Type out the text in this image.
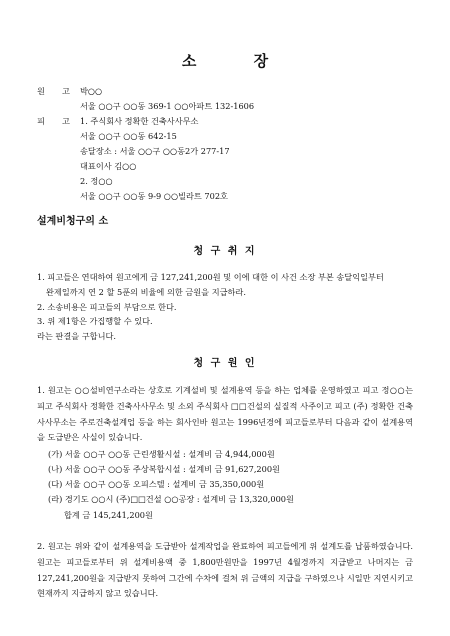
소 장
원 고 박○○
서울 ○○구 ○○동 369-1 ○○아파트 132-1606
피 고 1. 주식회사 정확한 건축사사무소
서울 ○○구 ○○동 642-15
송달장소 : 서울 ○○구 ○○동2가 277-17
대표이사 김○○
2. 정○○
서울 ○○구 ○○동 9-9 ○○빌라트 702호
설계비청구의 소
청 구 취 지
1. 피고들은 연대하여 원고에게 금 127,241,200원 및 이에 대한 이 사건 소장 부본 송달익일부터
완제일까지 연 2 할 5푼의 비율에 의한 금원을 지급하라.
2. 소송비용은 피고들의 부담으로 한다.
3. 위 제1항은 가집행할 수 있다.
라는 판결을 구합니다.
청 구 원 인
1. 원고는 ○○설비연구소라는 상호로 기계설비 및 설계용역 등을 하는 업체를 운영하였고 피고 정○○는 피고 주식회사 정확한 건축사사무소 및 소외 주식회사 □□건설의 실질적 사주이고 피고 (주) 정확한 건축사사무소는 주로건축설계업 등을 하는 회사인바 원고는 1996년경에 피고들로부터 다음과 같이 설계용역을 도급받은 사실이 있습니다.
(가) 서울 ○○구 ○○동 근린생활시설 : 설계비 금 4,944,000원
(나) 서울 ○○구 ○○동 주상복합시설 : 설계비 금 91,627,200원
(다) 서울 ○○구 ○○동 오피스텔 : 설계비 금 35,350,000원
(라) 경기도 ○○시 (주)□□건설 ○○공장 : 설계비 금 13,320,000원
합계 금 145,241,200원
2. 원고는 위와 같이 설계용역을 도급받아 설계작업을 완료하여 피고들에게 위 설계도를 납품하였습니다. 원고는 피고들로부터 위 설계비용액 중 1,800만원만을 1997년 4월경까지 지급받고 나머지는 금 127,241,200원을 지급받지 못하여 그간에 수차에 걸쳐 위 금액의 지급을 구하였으나 시일만 지연시키고 현재까지 지급하지 않고 있습니다.
